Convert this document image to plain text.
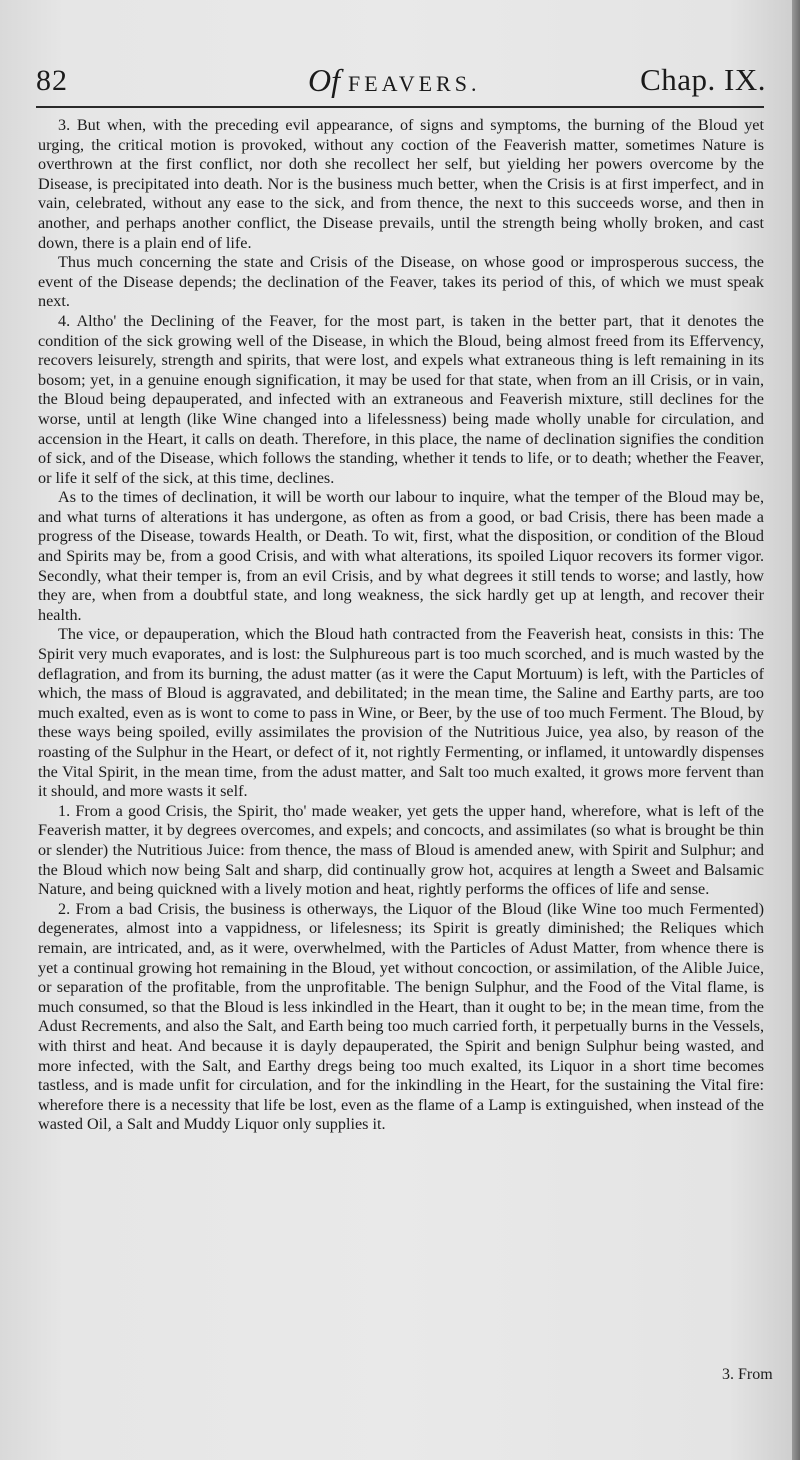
82	Of FEAVERS.	Chap. IX.

3. But when, with the preceding evil appearance, of signs and symptoms, the burning of the Bloud yet urging, the critical motion is provoked, without any coction of the Feaverish matter, sometimes Nature is overthrown at the first conflict, nor doth she recollect her self, but yielding her powers overcome by the Disease, is precipitated into death. Nor is the business much better, when the Crisis is at first imperfect, and in vain, celebrated, without any ease to the sick, and from thence, the next to this succeeds worse, and then in another, and perhaps another conflict, the Disease prevails, until the strength being wholly broken, and cast down, there is a plain end of life.

Thus much concerning the state and Crisis of the Disease, on whose good or improsperous success, the event of the Disease depends; the declination of the Feaver, takes its period of this, of which we must speak next.

4. Altho' the Declining of the Feaver, for the most part, is taken in the better part, that it denotes the condition of the sick growing well of the Disease, in which the Bloud, being almost freed from its Effervency, recovers leisurely, strength and spirits, that were lost, and expels what extraneous thing is left remaining in its bosom; yet, in a genuine enough signification, it may be used for that state, when from an ill Crisis, or in vain, the Bloud being depauperated, and infected with an extraneous and Feaverish mixture, still declines for the worse, until at length (like Wine changed into a lifelessness) being made wholly unable for circulation, and accension in the Heart, it calls on death. Therefore, in this place, the name of declination signifies the condition of sick, and of the Disease, which follows the standing, whether it tends to life, or to death; whether the Feaver, or life it self of the sick, at this time, declines.

As to the times of declination, it will be worth our labour to inquire, what the temper of the Bloud may be, and what turns of alterations it has undergone, as often as from a good, or bad Crisis, there has been made a progress of the Disease, towards Health, or Death. To wit, first, what the disposition, or condition of the Bloud and Spirits may be, from a good Crisis, and with what alterations, its spoiled Liquor recovers its former vigor. Secondly, what their temper is, from an evil Crisis, and by what degrees it still tends to worse; and lastly, how they are, when from a doubtful state, and long weakness, the sick hardly get up at length, and recover their health.

The vice, or depauperation, which the Bloud hath contracted from the Feaverish heat, consists in this: The Spirit very much evaporates, and is lost: the Sulphureous part is too much scorched, and is much wasted by the deflagration, and from its burning, the adust matter (as it were the Caput Mortuum) is left, with the Particles of which, the mass of Bloud is aggravated, and debilitated; in the mean time, the Saline and Earthy parts, are too much exalted, even as is wont to come to pass in Wine, or Beer, by the use of too much Ferment. The Bloud, by these ways being spoiled, evilly assimilates the provision of the Nutritious Juice, yea also, by reason of the roasting of the Sulphur in the Heart, or defect of it, not rightly Fermenting, or inflamed, it untowardly dispenses the Vital Spirit, in the mean time, from the adust matter, and Salt too much exalted, it grows more fervent than it should, and more wasts it self.

1. From a good Crisis, the Spirit, tho' made weaker, yet gets the upper hand, wherefore, what is left of the Feaverish matter, it by degrees overcomes, and expels; and concocts, and assimilates (so what is brought be thin or slender) the Nutritious Juice: from thence, the mass of Bloud is amended anew, with Spirit and Sulphur; and the Bloud which now being Salt and sharp, did continually grow hot, acquires at length a Sweet and Balsamic Nature, and being quickned with a lively motion and heat, rightly performs the offices of life and sense.

2. From a bad Crisis, the business is otherways, the Liquor of the Bloud (like Wine too much Fermented) degenerates, almost into a vappidness, or lifelesness; its Spirit is greatly diminished; the Reliques which remain, are intricated, and, as it were, overwhelmed, with the Particles of Adust Matter, from whence there is yet a continual growing hot remaining in the Bloud, yet without concoction, or assimilation, of the Alible Juice, or separation of the profitable, from the unprofitable. The benign Sulphur, and the Food of the Vital flame, is much consumed, so that the Bloud is less inkindled in the Heart, than it ought to be; in the mean time, from the Adust Recrements, and also the Salt, and Earth being too much carried forth, it perpetually burns in the Vessels, with thirst and heat. And because it is dayly depauperated, the Spirit and benign Sulphur being wasted, and more infected, with the Salt, and Earthy dregs being too much exalted, its Liquor in a short time becomes tastless, and is made unfit for circulation, and for the inkindling in the Heart, for the sustaining the Vital fire: wherefore there is a necessity that life be lost, even as the flame of a Lamp is extinguished, when instead of the wasted Oil, a Salt and Muddy Liquor only supplies it.

3. From
